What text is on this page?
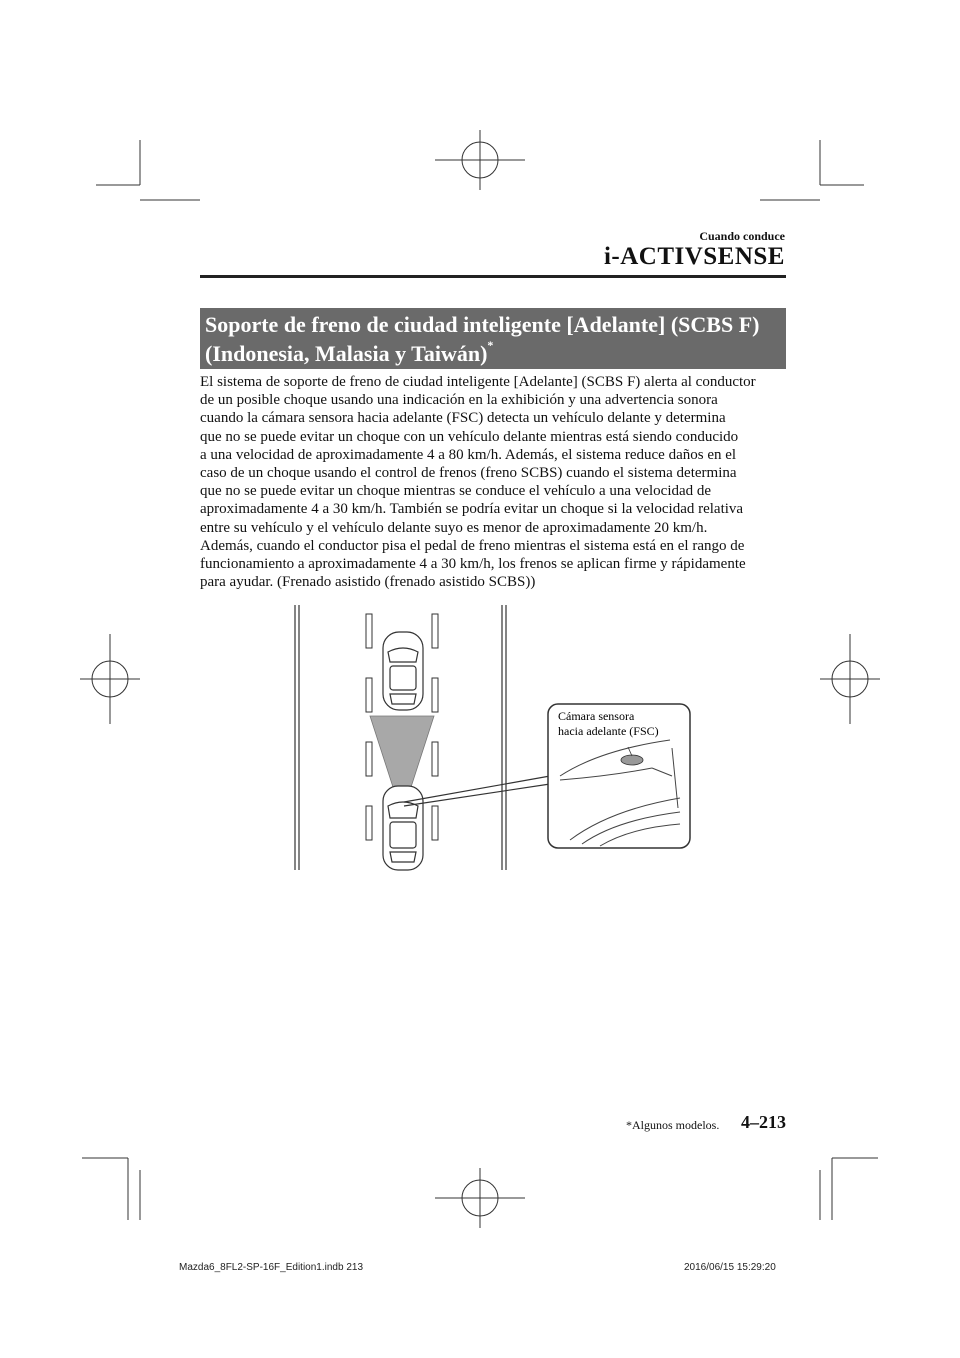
Cuando conduce
i-ACTIVSENSE
Soporte de freno de ciudad inteligente [Adelante] (SCBS F)
(Indonesia, Malasia y Taiwán)*
El sistema de soporte de freno de ciudad inteligente [Adelante] (SCBS F) alerta al conductor
de un posible choque usando una indicación en la exhibición y una advertencia sonora
cuando la cámara sensora hacia adelante (FSC) detecta un vehículo delante y determina
que no se puede evitar un choque con un vehículo delante mientras está siendo conducido
a una velocidad de aproximadamente 4 a 80 km/h. Además, el sistema reduce daños en el
caso de un choque usando el control de frenos (freno SCBS) cuando el sistema determina
que no se puede evitar un choque mientras se conduce el vehículo a una velocidad de
aproximadamente 4 a 30 km/h. También se podría evitar un choque si la velocidad relativa
entre su vehículo y el vehículo delante suyo es menor de aproximadamente 20 km/h.
Además, cuando el conductor pisa el pedal de freno mientras el sistema está en el rango de
funcionamiento a aproximadamente 4 a 30 km/h, los frenos se aplican firme y rápidamente
para ayudar. (Frenado asistido (frenado asistido SCBS))
Cámara sensora
hacia adelante (FSC)
*Algunos modelos. 4–213
Mazda6_8FL2-SP-16F_Edition1.indb 213	2016/06/15 15:29:20
